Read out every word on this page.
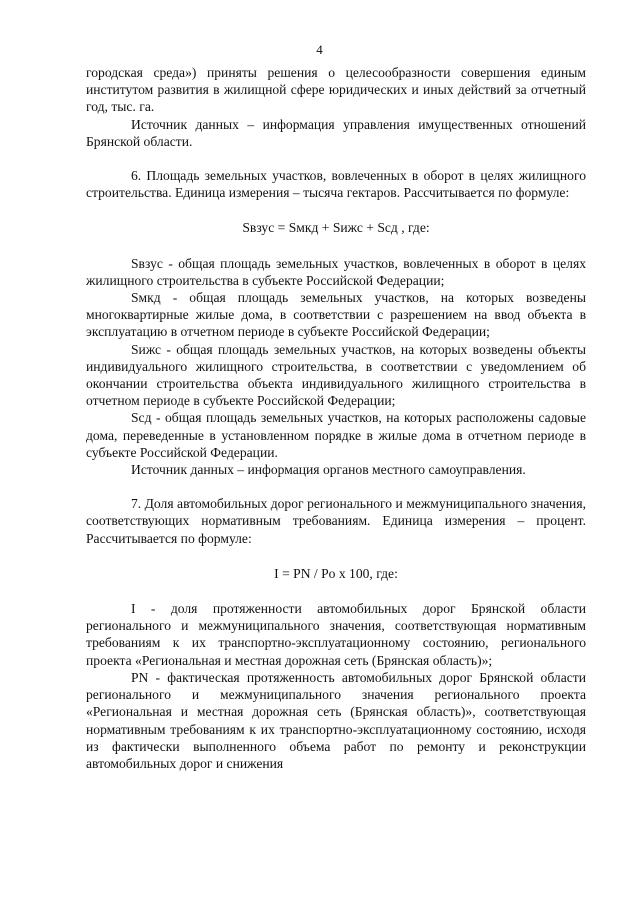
4

городская среда») приняты решения о целесообразности совершения единым институтом развития в жилищной сфере юридических и иных действий за отчетный год, тыс. га.

Источник данных – информация управления имущественных отношений Брянской области.

6. Площадь земельных участков, вовлеченных в оборот в целях жилищного строительства. Единица измерения – тысяча гектаров. Рассчитывается по формуле:

Sвзус = Sмкд + Sижс + Sсд , где:

Sвзус - общая площадь земельных участков, вовлеченных в оборот в целях жилищного строительства в субъекте Российской Федерации;

Sмкд - общая площадь земельных участков, на которых возведены многоквартирные жилые дома, в соответствии с разрешением на ввод объекта в эксплуатацию в отчетном периоде в субъекте Российской Федерации;

Sижс - общая площадь земельных участков, на которых возведены объекты индивидуального жилищного строительства, в соответствии с уведомлением об окончании строительства объекта индивидуального жилищного строительства в отчетном периоде в субъекте Российской Федерации;

Sсд - общая площадь земельных участков, на которых расположены садовые дома, переведенные в установленном порядке в жилые дома в отчетном периоде в субъекте Российской Федерации.

Источник данных – информация органов местного самоуправления.

7. Доля автомобильных дорог регионального и межмуниципального значения, соответствующих нормативным требованиям. Единица измерения – процент. Рассчитывается по формуле:

I = PN / Po х 100, где:

I - доля протяженности автомобильных дорог Брянской области регионального и межмуниципального значения, соответствующая нормативным требованиям к их транспортно-эксплуатационному состоянию, регионального проекта «Региональная и местная дорожная сеть (Брянская область)»;

PN - фактическая протяженность автомобильных дорог Брянской области регионального и межмуниципального значения регионального проекта «Региональная и местная дорожная сеть (Брянская область)», соответствующая нормативным требованиям к их транспортно-эксплуатационному состоянию, исходя из фактически выполненного объема работ по ремонту и реконструкции автомобильных дорог и снижения
